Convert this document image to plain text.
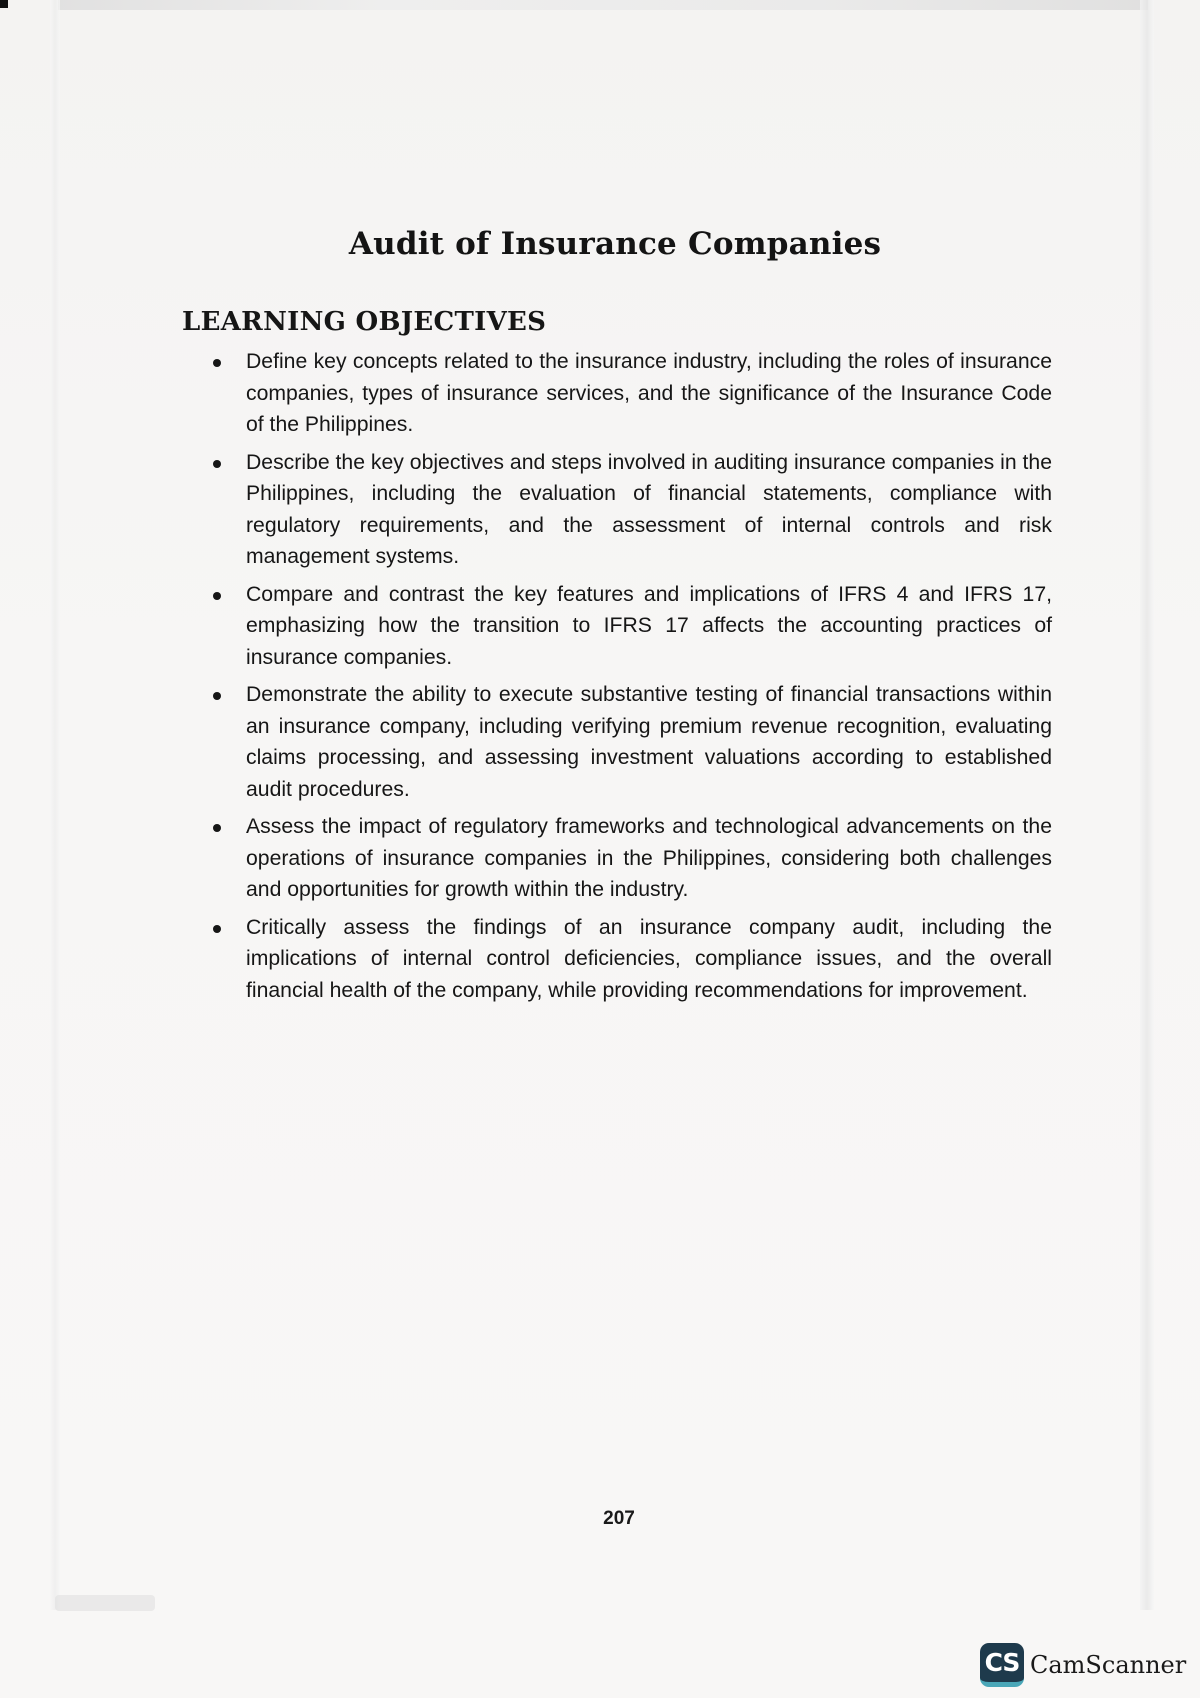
Audit of Insurance Companies
LEARNING OBJECTIVES
Define key concepts related to the insurance industry, including the roles of insurance companies, types of insurance services, and the significance of the Insurance Code of the Philippines.
Describe the key objectives and steps involved in auditing insurance companies in the Philippines, including the evaluation of financial statements, compliance with regulatory requirements, and the assessment of internal controls and risk management systems.
Compare and contrast the key features and implications of IFRS 4 and IFRS 17, emphasizing how the transition to IFRS 17 affects the accounting practices of insurance companies.
Demonstrate the ability to execute substantive testing of financial transactions within an insurance company, including verifying premium revenue recognition, evaluating claims processing, and assessing investment valuations according to established audit procedures.
Assess the impact of regulatory frameworks and technological advancements on the operations of insurance companies in the Philippines, considering both challenges and opportunities for growth within the industry.
Critically assess the findings of an insurance company audit, including the implications of internal control deficiencies, compliance issues, and the overall financial health of the company, while providing recommendations for improvement.
207
CS CamScanner
